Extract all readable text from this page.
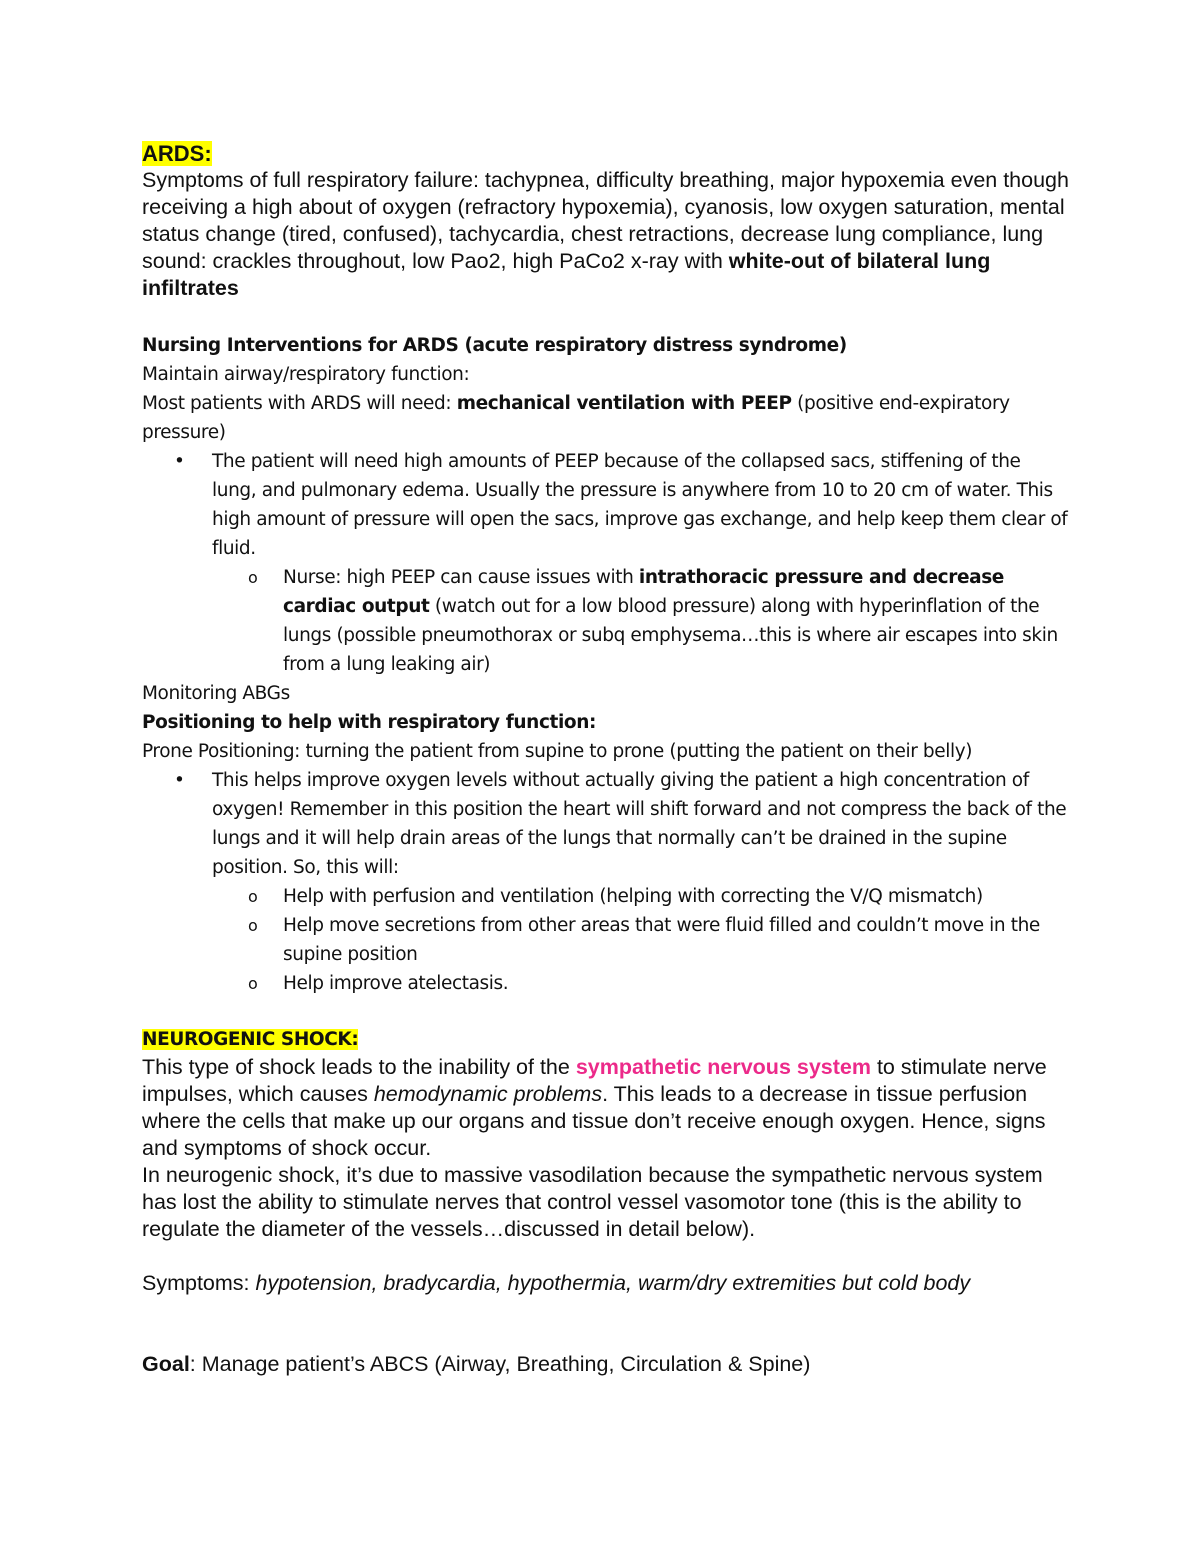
ARDS:

Symptoms of full respiratory failure: tachypnea, difficulty breathing, major hypoxemia even though receiving a high about of oxygen (refractory hypoxemia), cyanosis, low oxygen saturation, mental status change (tired, confused), tachycardia, chest retractions, decrease lung compliance, lung sound: crackles throughout, low Pao2, high PaCo2 x-ray with white-out of bilateral lung infiltrates

Nursing Interventions for ARDS (acute respiratory distress syndrome)

Maintain airway/respiratory function:

Most patients with ARDS will need: mechanical ventilation with PEEP (positive end-expiratory pressure)

• The patient will need high amounts of PEEP because of the collapsed sacs, stiffening of the lung, and pulmonary edema. Usually the pressure is anywhere from 10 to 20 cm of water. This high amount of pressure will open the sacs, improve gas exchange, and help keep them clear of fluid.
o Nurse: high PEEP can cause issues with intrathoracic pressure and decrease cardiac output (watch out for a low blood pressure) along with hyperinflation of the lungs (possible pneumothorax or subq emphysema…this is where air escapes into skin from a lung leaking air)

Monitoring ABGs

Positioning to help with respiratory function:

Prone Positioning: turning the patient from supine to prone (putting the patient on their belly)

• This helps improve oxygen levels without actually giving the patient a high concentration of oxygen! Remember in this position the heart will shift forward and not compress the back of the lungs and it will help drain areas of the lungs that normally can’t be drained in the supine position. So, this will:
o Help with perfusion and ventilation (helping with correcting the V/Q mismatch)
o Help move secretions from other areas that were fluid filled and couldn’t move in the supine position
o Help improve atelectasis.

NEUROGENIC SHOCK:

This type of shock leads to the inability of the sympathetic nervous system to stimulate nerve impulses, which causes hemodynamic problems. This leads to a decrease in tissue perfusion where the cells that make up our organs and tissue don’t receive enough oxygen. Hence, signs and symptoms of shock occur.

In neurogenic shock, it’s due to massive vasodilation because the sympathetic nervous system has lost the ability to stimulate nerves that control vessel vasomotor tone (this is the ability to regulate the diameter of the vessels…discussed in detail below).

Symptoms: hypotension, bradycardia, hypothermia, warm/dry extremities but cold body

Goal: Manage patient’s ABCS (Airway, Breathing, Circulation & Spine)
